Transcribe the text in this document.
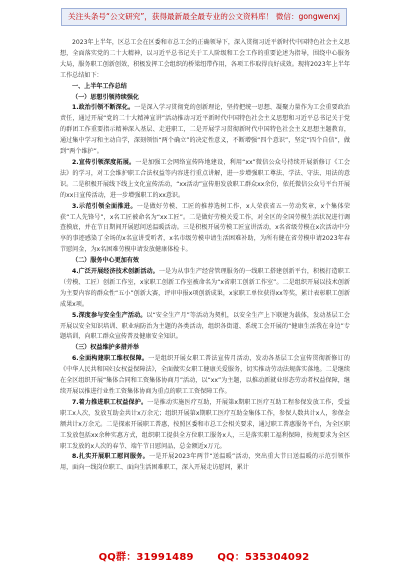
关注头条号“公文研究”，获得最新最全最专业的公文资料库！ 微信：gongwenxj

2023年上半年，区总工会在区委和市总工会的正确领导下，深入贯彻习近平新时代中国特色社会主义思想，全面落实党的二十大精神，以习近平总书记关于工人阶级和工会工作的重要论述为指导，围绕中心服务大局，服务职工创新创效，积极发挥工会组织的桥梁纽带作用，各项工作取得良好成效。现将2023年上半年工作总结如下：

一、上半年工作总结
（一）思想引领持续强化

1.政治引领不断深化。一是深入学习贯彻党的创新理论，坚持把统一思想、凝聚力量作为工会重要政治责任，通过开展“党的二十大精神宣讲”活动推动习近平新时代中国特色社会主义思想和习近平总书记关于党的群团工作重要指示精神深入基层、走进职工，二是开展学习贯彻新时代中国特色社会主义思想主题教育，通过集中学习和主动自学，深刻领悟“两个确立”的决定性意义，不断增强“四个意识”，坚定“四个自信”，做到“两个维护”。

2.宣传引领深度拓展。一是加强工会网络宣传阵地建设，利用“xx”微信公众号持续开展新修订《工会法》的学习，对工会维护职工合法权益等内容进行重点讲解，进一步增强职工尊法、学法、守法、用法的意识。二是积极开展线下线上文化宣传活动，“xx活动”宣传册发放职工群众xx余份，依托微信公众号平台开展的xx日宣传活动，进一步增强职工的xx意识。

3.示范引领全面推进。一是做好劳模、工匠的推荐选树工作，x人荣获省五一劳动奖章，x个集体荣获“工人先锋号”，x名工匠被命名为“xx工匠”。二是做好劳模关爱工作，对全区的全国劳模生活状况进行调查摸底，并在节日期间开展慰问送温暖活动。三是积极开展劳模工匠宣讲活动，x名省级劳模在x次活动中分享的事迹感染了全场的x名宣讲受听者，x名市级劳模申请生活困难补助，为所有健在省劳模申请2023年春节慰问金，为x名困难劳模申请发放健康体检卡。

（二）服务中心更加有效

4.广泛开展经济技术创新活动。一是为从事生产经营管理服务的一线职工搭建创新平台，积极打造职工（劳模、工匠）创新工作室，x家职工创新工作室被命名为“x省职工创新工作室”。二是组织开展以技术创新为主要内容的群众性“五小”创新大赛，评审申报x项创新成果，x家职工单位获得xx等奖，累计表彰职工创新成果x项。

5.深度参与安全生产活动。以“安全生产月”等活动为契机，以安全生产上下联建为载体，发动基层工会开展以安全知识培训、职业病防治为主题的各类活动，组织各街道、系统工会开展的“健康生活我在身边”专题培训，向职工群众宣传普及健康安全知识。

（三）权益维护多措并举

6.全面构建职工维权保障。一是组织开展女职工普法宣传月活动，发动各基层工会宣传贯彻新修订的《中华人民共和国妇女权益保障法》，全面做实女职工健康关爱服务，切实推动劳动法规落实落地。二是继续在全区组织开展“集体合同和工资集体协商月”活动，以“xx”为主题，以推动新就业形态劳动者权益保障，继续开展以推进行业性工资集体协商为重点的职工工资保障工作。

7.着力推进职工权益保护。一是推动实施医疗互助，开展第x期职工医疗互助工程参保发放工作，受益职工x人次，发放互助金共计x万余元；组织开展第x期职工医疗互助金集体工作，参保人数共计x人，参保金额共计x万余元。二是探索开展职工普惠，按照区委和市总工会相关要求，通过职工普惠服务平台，为全区职工发放包括xx余种实惠方式，组织职工提供全方位职工服务x人，三是落实职工福利保障，按规要求为全区职工发放的x人次的春节、端午节日慰问品，总金额近x万元。

8.扎实开展职工慰问服务。一是开展2023年两节“送温暖”活动，突出重大节日送温暖的示范引领作用，面向一线岗位职工、面向生活困难职工，深入开展走访慰问，累计

QQ群：31991489 QQ：535304092
